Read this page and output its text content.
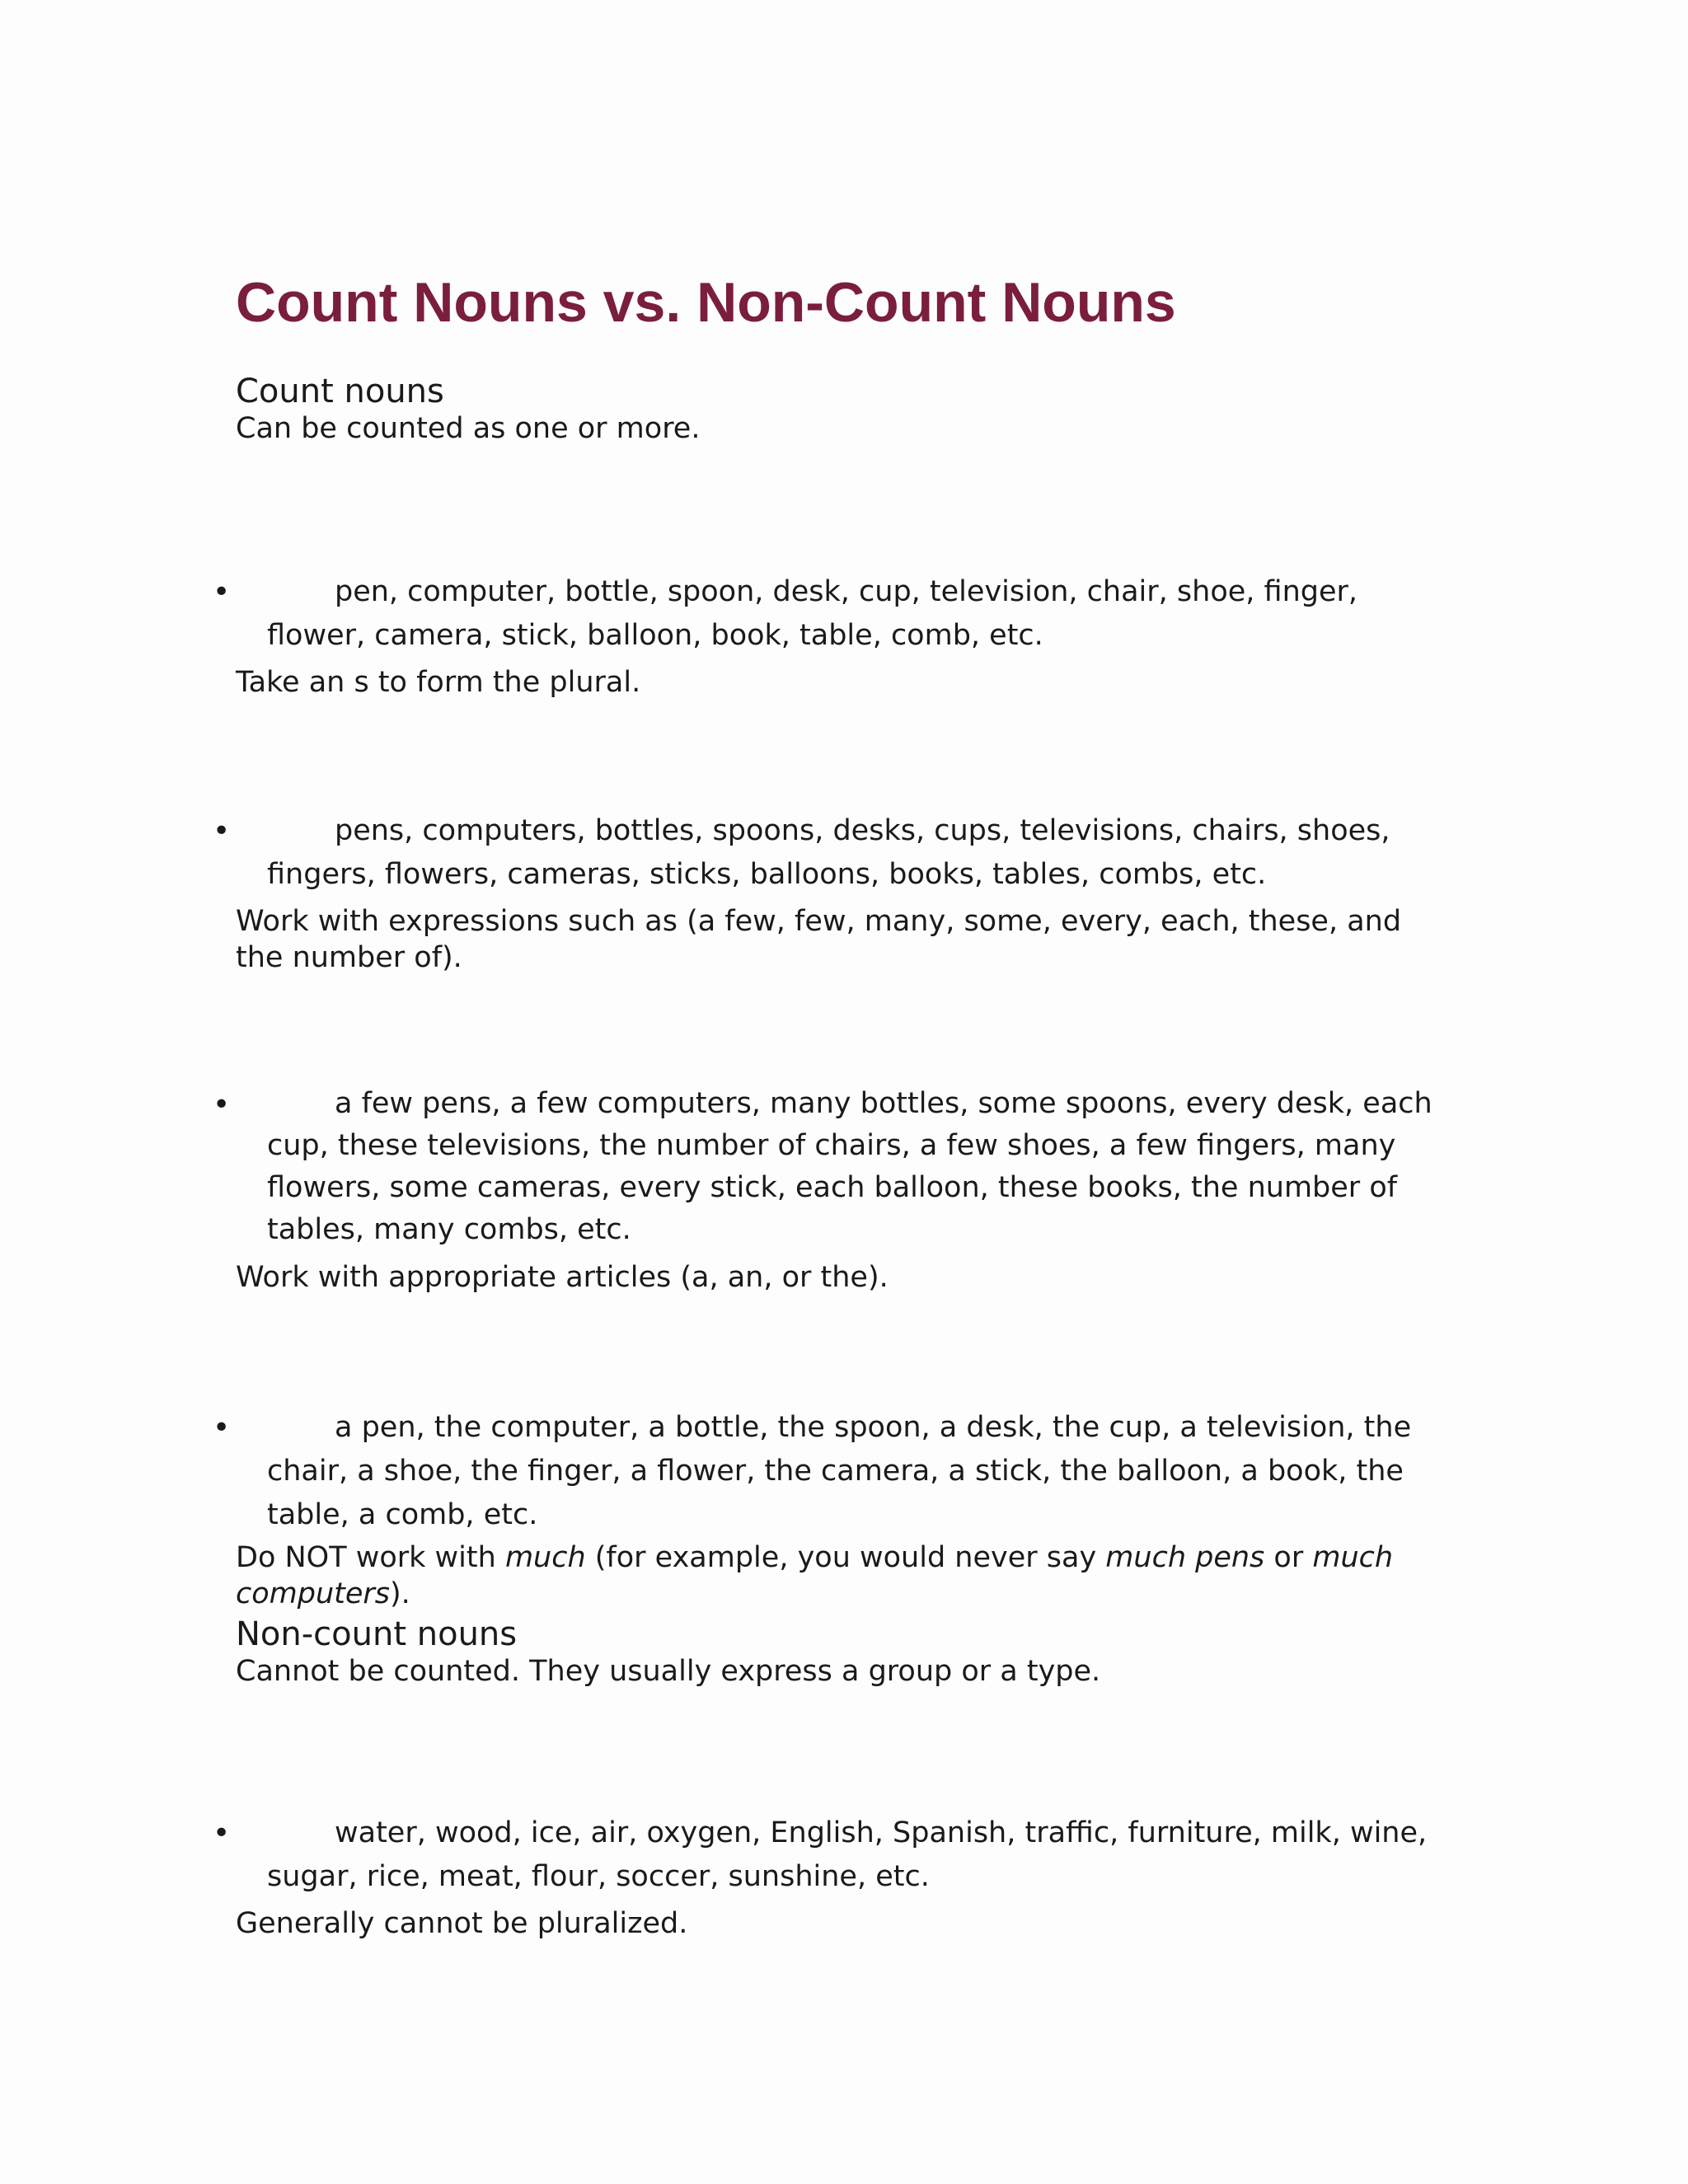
Count Nouns vs. Non-Count Nouns

Count nouns

Can be counted as one or more.

•	pen, computer, bottle, spoon, desk, cup, television, chair, shoe, finger, flower, camera, stick, balloon, book, table, comb, etc.

Take an s to form the plural.

•	pens, computers, bottles, spoons, desks, cups, televisions, chairs, shoes, fingers, flowers, cameras, sticks, balloons, books, tables, combs, etc.

Work with expressions such as (a few, few, many, some, every, each, these, and the number of).

•	a few pens, a few computers, many bottles, some spoons, every desk, each cup, these televisions, the number of chairs, a few shoes, a few fingers, many flowers, some cameras, every stick, each balloon, these books, the number of tables, many combs, etc.

Work with appropriate articles (a, an, or the).

•	a pen, the computer, a bottle, the spoon, a desk, the cup, a television, the chair, a shoe, the finger, a flower, the camera, a stick, the balloon, a book, the table, a comb, etc.

Do NOT work with much (for example, you would never say much pens or much computers).

Non-count nouns

Cannot be counted. They usually express a group or a type.

•	water, wood, ice, air, oxygen, English, Spanish, traffic, furniture, milk, wine, sugar, rice, meat, flour, soccer, sunshine, etc.

Generally cannot be pluralized.
